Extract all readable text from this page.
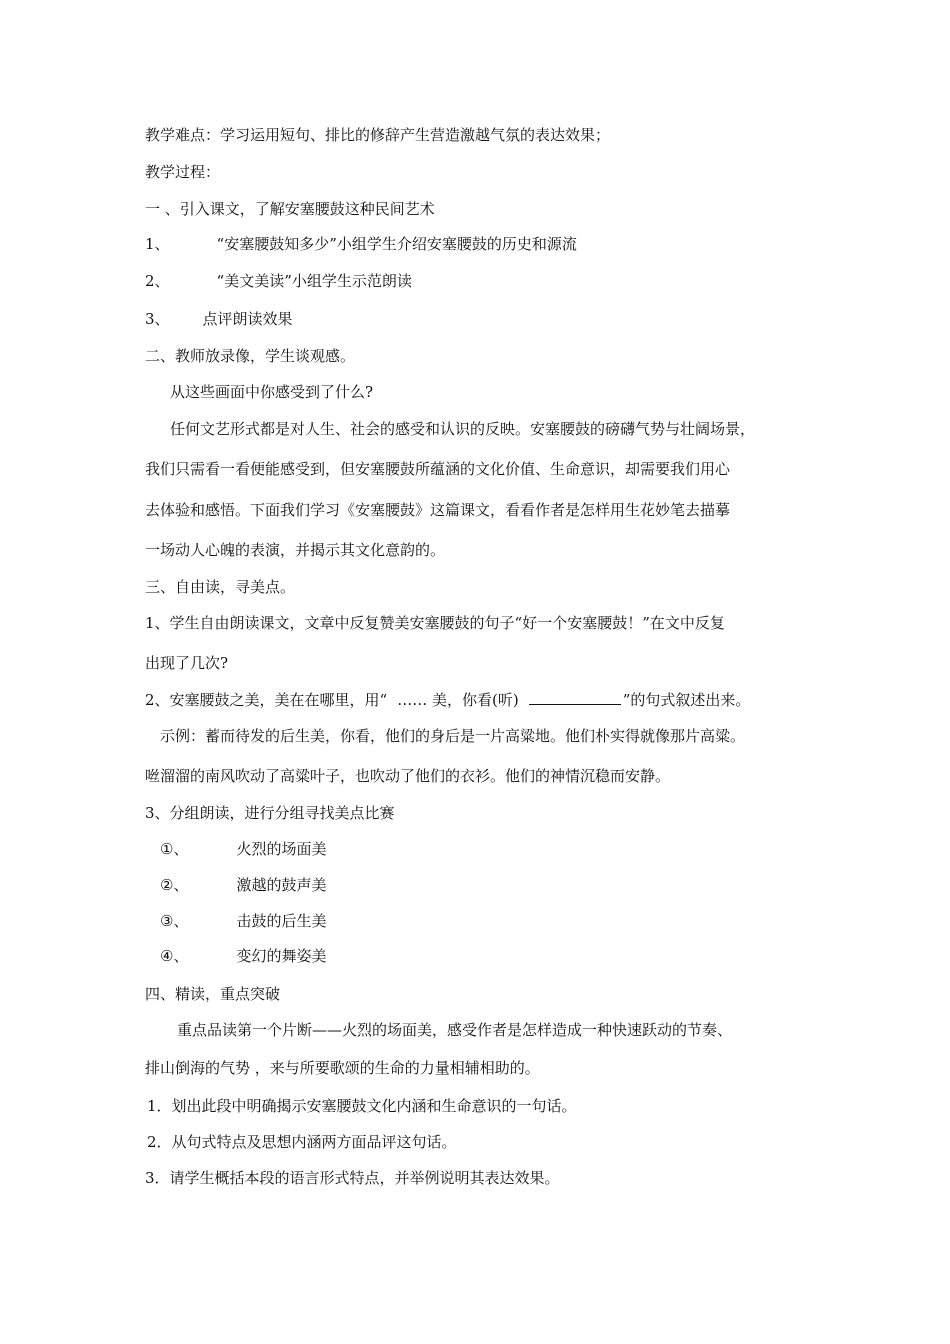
教学难点：学习运用短句、排比的修辞产生营造激越气氛的表达效果；
教学过程：
一 、引入课文，了解安塞腰鼓这种民间艺术
1、	“安塞腰鼓知多少”小组学生介绍安塞腰鼓的历史和源流
2、	“美文美读”小组学生示范朗读
3、 点评朗读效果
二、教师放录像，学生谈观感。
从这些画面中你感受到了什么?
任何文艺形式都是对人生、社会的感受和认识的反映。安塞腰鼓的磅礴气势与壮阔场景，
我们只需看一看便能感受到，但安塞腰鼓所蕴涵的文化价值、生命意识，却需要我们用心
去体验和感悟。下面我们学习《安塞腰鼓》这篇课文，看看作者是怎样用生花妙笔去描摹
一场动人心魄的表演，并揭示其文化意韵的。
三、自由读，寻美点。
1、学生自由朗读课文，文章中反复赞美安塞腰鼓的句子“好一个安塞腰鼓！”在文中反复
出现了几次?
2、安塞腰鼓之美，美在在哪里，用“ …… 美，你看(听)	”的句式叙述出来。
示例：蓄而待发的后生美，你看，他们的身后是一片高粱地。他们朴实得就像那片高粱。
咝溜溜的南风吹动了高粱叶子，也吹动了他们的衣衫。他们的神情沉稳而安静。
3、分组朗读，进行分组寻找美点比赛
①、	火烈的场面美
②、	激越的鼓声美
③、	击鼓的后生美
④、	变幻的舞姿美
四、精读，重点突破
重点品读第一个片断——火烈的场面美，感受作者是怎样造成一种快速跃动的节奏、
排山倒海的气势 ，来与所要歌颂的生命的力量相辅相助的。
1．划出此段中明确揭示安塞腰鼓文化内涵和生命意识的一句话。
2．从句式特点及思想内涵两方面品评这句话。
3．请学生概括本段的语言形式特点，并举例说明其表达效果。
